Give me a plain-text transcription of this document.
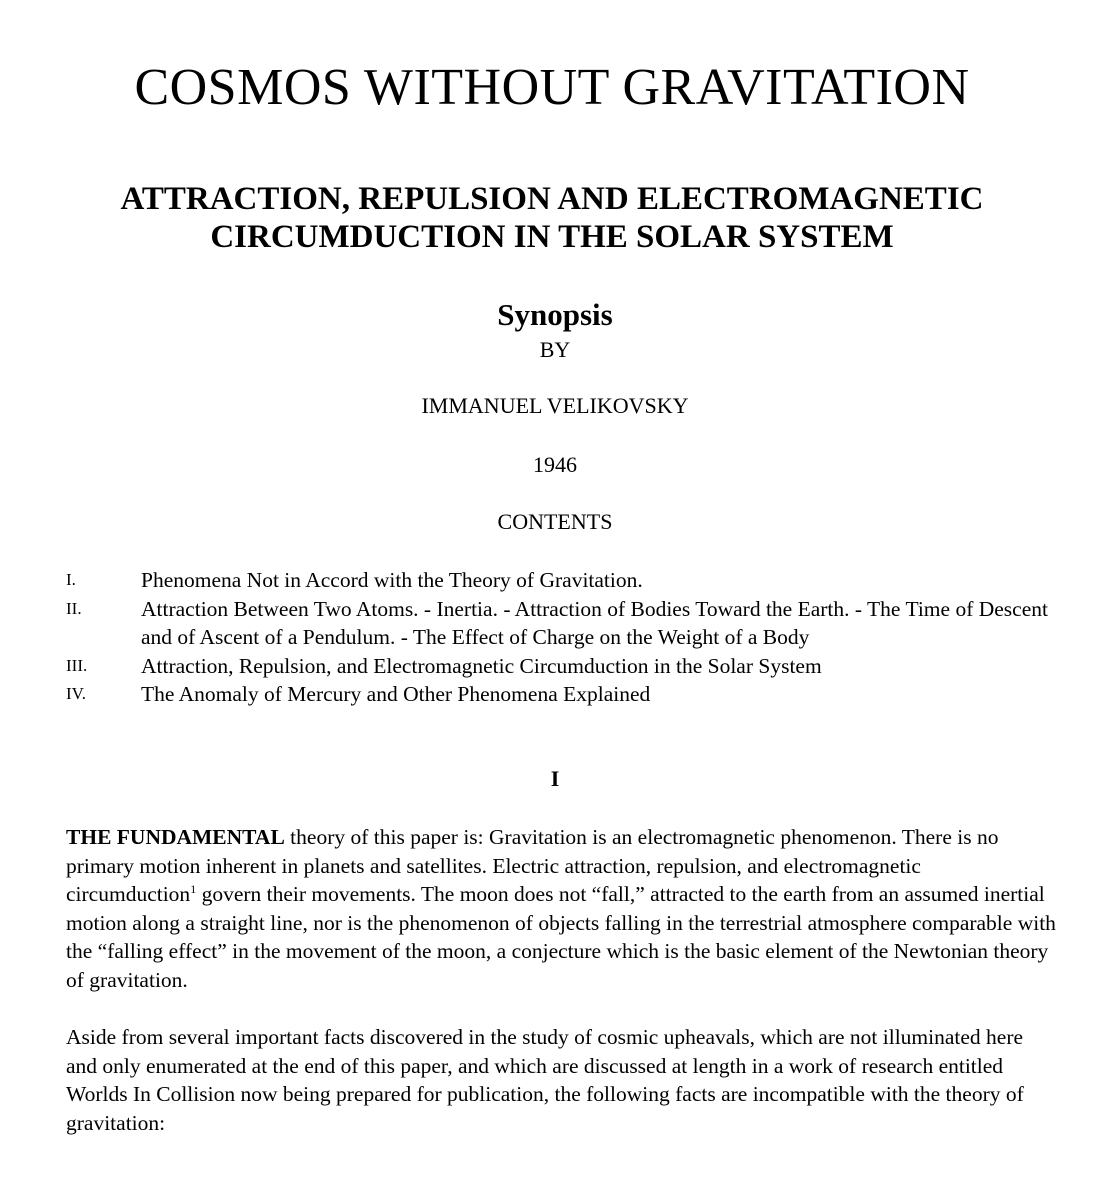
COSMOS WITHOUT GRAVITATION
ATTRACTION, REPULSION AND ELECTROMAGNETIC
CIRCUMDUCTION IN THE SOLAR SYSTEM
Synopsis
BY
IMMANUEL VELIKOVSKY
1946
CONTENTS
I.	Phenomena Not in Accord with the Theory of Gravitation.
II.	Attraction Between Two Atoms. - Inertia. - Attraction of Bodies Toward the Earth. - The Time of Descent and of Ascent of a Pendulum. - The Effect of Charge on the Weight of a Body
III.	Attraction, Repulsion, and Electromagnetic Circumduction in the Solar System
IV.	The Anomaly of Mercury and Other Phenomena Explained
I

THE FUNDAMENTAL theory of this paper is: Gravitation is an electromagnetic phenomenon. There is no primary motion inherent in planets and satellites. Electric attraction, repulsion, and electromagnetic circumduction$^1$ govern their movements. The moon does not “fall,” attracted to the earth from an assumed inertial motion along a straight line, nor is the phenomenon of objects falling in the terrestrial atmosphere comparable with the “falling effect” in the movement of the moon, a conjecture which is the basic element of the Newtonian theory of gravitation.

Aside from several important facts discovered in the study of cosmic upheavals, which are not illuminated here and only enumerated at the end of this paper, and which are discussed at length in a work of research entitled Worlds In Collision now being prepared for publication, the following facts are incompatible with the theory of gravitation:
